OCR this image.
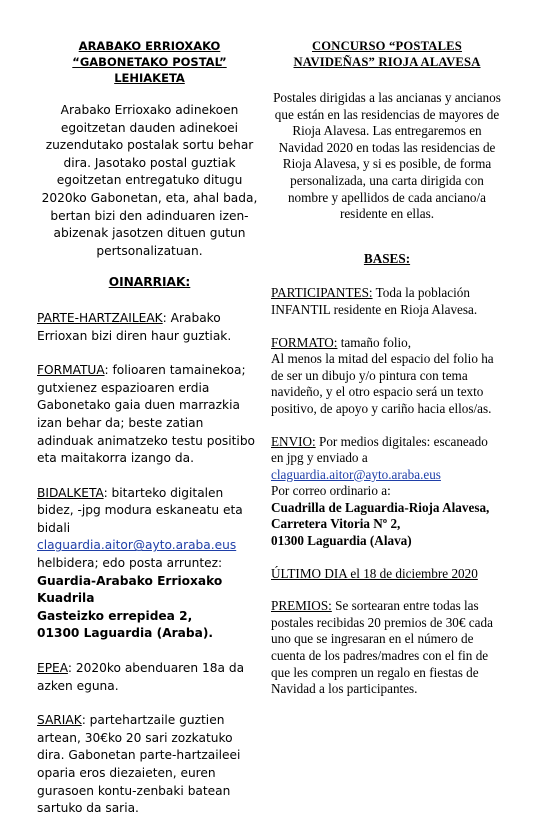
ARABAKO ERRIOXAKO
“GABONETAKO POSTAL” LEHIAKETA

Arabako Errioxako adinekoen egoitzetan dauden adinekoei zuzendutako postalak sortu behar dira. Jasotako postal guztiak egoitzetan entregatuko ditugu 2020ko Gabonetan, eta, ahal bada, bertan bizi den adinduaren izen-abizenak jasotzen dituen gutun pertsonalizatuan.

OINARRIAK:

PARTE-HARTZAILEAK: Arabako Errioxan bizi diren haur guztiak.

FORMATUA: folioaren tamainekoa; gutxienez espazioaren erdia Gabonetako gaia duen marrazkia izan behar da; beste zatian adinduak animatzeko testu positibo eta maitakorra izango da.

BIDALKETA: bitarteko digitalen bidez, -jpg modura eskaneatu eta bidali

claguardia.aitor@ayto.araba.eus

helbidera; edo posta arruntez:

Guardia-Arabako Errioxako Kuadrila

Gasteizko errepidea 2,

01300 Laguardia (Araba).

EPEA: 2020ko abenduaren 18a da azken eguna.

SARIAK: partehartzaile guztien artean, 30€ko 20 sari zozkatuko dira. Gabonetan parte-hartzaileei oparia eros diezaieten, euren gurasoen kontu-zenbaki batean sartuko da saria.

CONCURSO “POSTALES
NAVIDEÑAS” RIOJA ALAVESA

Postales dirigidas a las ancianas y ancianos que están en las residencias de mayores de Rioja Alavesa. Las entregaremos en Navidad 2020 en todas las residencias de Rioja Alavesa, y si es posible, de forma personalizada, una carta dirigida con nombre y apellidos de cada anciano/a residente en ellas.

BASES:

PARTICIPANTES: Toda la población INFANTIL residente en Rioja Alavesa.

FORMATO: tamaño folio,

Al menos la mitad del espacio del folio ha de ser un dibujo y/o pintura con tema navideño, y el otro espacio será un texto positivo, de apoyo y cariño hacia ellos/as.

ENVIO: Por medios digitales: escaneado en jpg y enviado a

claguardia.aitor@ayto.araba.eus

Por correo ordinario a:

Cuadrilla de Laguardia-Rioja Alavesa, Carretera Vitoria Nº 2,

01300 Laguardia (Alava)

ÚLTIMO DIA el 18 de diciembre 2020

PREMIOS: Se sortearan entre todas las postales recibidas 20 premios de 30€ cada uno que se ingresaran en el número de cuenta de los padres/madres con el fin de que les compren un regalo en fiestas de Navidad a los participantes.
